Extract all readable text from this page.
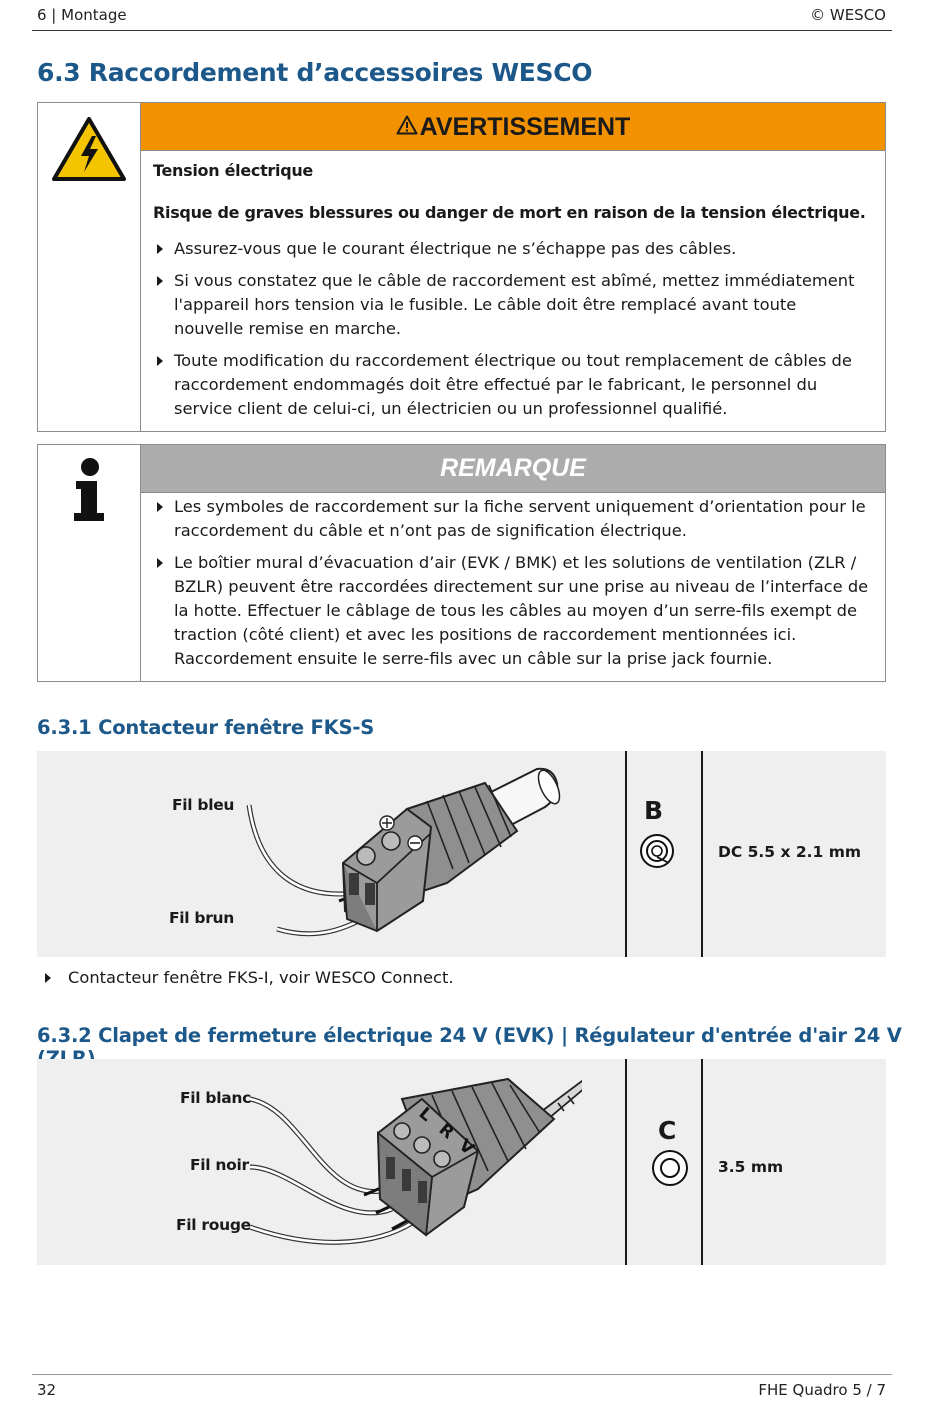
6 | Montage	© WESCO
6.3 Raccordement d’accessoires WESCO
AVERTISSEMENT
Tension électrique
Risque de graves blessures ou danger de mort en raison de la tension électrique.
Assurez-vous que le courant électrique ne s’échappe pas des câbles.
Si vous constatez que le câble de raccordement est abîmé, mettez immédiatement l'appareil hors tension via le fusible. Le câble doit être remplacé avant toute nouvelle remise en marche.
Toute modification du raccordement électrique ou tout remplacement de câbles de raccordement endommagés doit être effectué par le fabricant, le personnel du service client de celui-ci, un électricien ou un professionnel qualifié.
REMARQUE
Les symboles de raccordement sur la fiche servent uniquement d’orientation pour le raccordement du câble et n’ont pas de signification électrique.
Le boîtier mural d’évacuation d’air (EVK / BMK) et les solutions de ventilation (ZLR / BZLR) peuvent être raccordées directement sur une prise au niveau de l’interface de la hotte. Effectuer le câblage de tous les câbles au moyen d’un serre-fils exempt de traction (côté client) et avec les positions de raccordement mentionnées ici. Raccordement ensuite le serre-fils avec un câble sur la prise jack fournie.
6.3.1 Contacteur fenêtre FKS-S
Fil bleu
Fil brun
B
DC 5.5 x 2.1 mm
Contacteur fenêtre FKS-I, voir WESCO Connect.
6.3.2 Clapet de fermeture électrique 24 V (EVK) | Régulateur d'entrée d'air 24 V
L
R
V
Fil blanc
Fil noir
Fil rouge
C
3.5 mm
32	FHE Quadro 5 / 7
